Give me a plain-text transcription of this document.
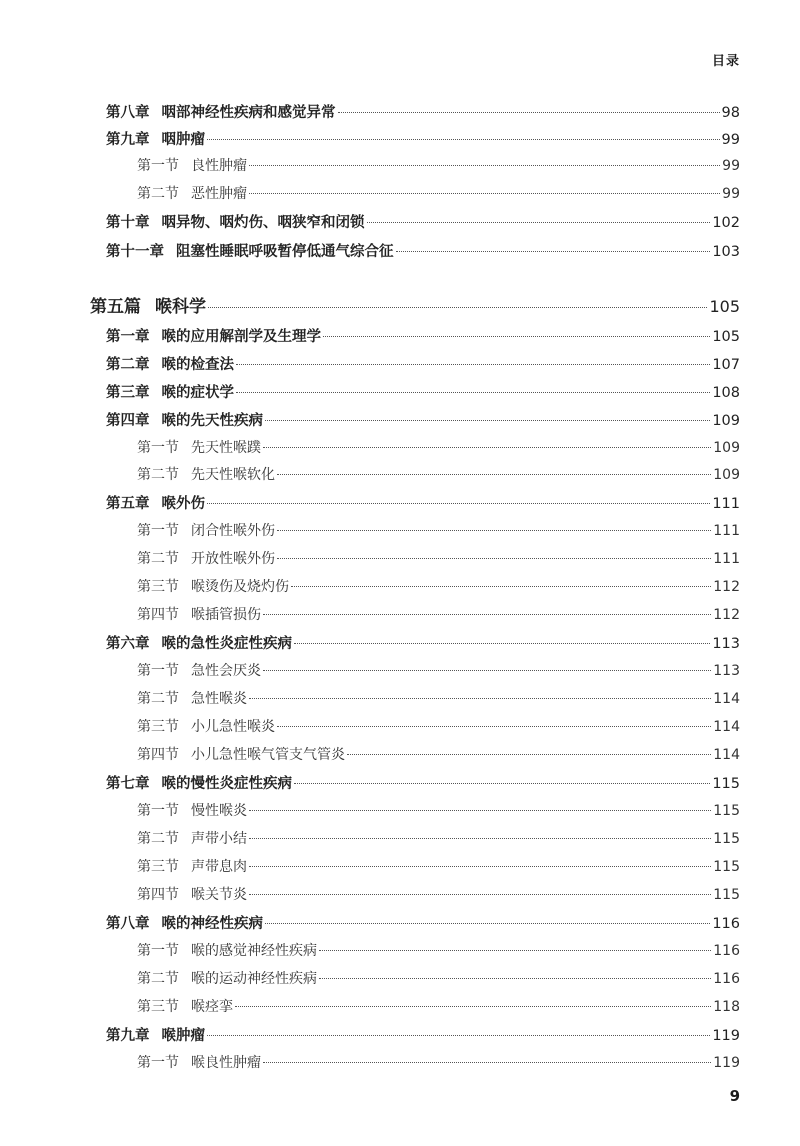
目录
第八章 咽部神经性疾病和感觉异常	98
第九章 咽肿瘤	99
第一节 良性肿瘤	99
第二节 恶性肿瘤	99
第十章 咽异物、咽灼伤、咽狭窄和闭锁	102
第十一章 阻塞性睡眠呼吸暂停低通气综合征	103
第五篇 喉科学	105
第一章 喉的应用解剖学及生理学	105
第二章 喉的检查法	107
第三章 喉的症状学	108
第四章 喉的先天性疾病	109
第一节 先天性喉蹼	109
第二节 先天性喉软化	109
第五章 喉外伤	111
第一节 闭合性喉外伤	111
第二节 开放性喉外伤	111
第三节 喉烫伤及烧灼伤	112
第四节 喉插管损伤	112
第六章 喉的急性炎症性疾病	113
第一节 急性会厌炎	113
第二节 急性喉炎	114
第三节 小儿急性喉炎	114
第四节 小儿急性喉气管支气管炎	114
第七章 喉的慢性炎症性疾病	115
第一节 慢性喉炎	115
第二节 声带小结	115
第三节 声带息肉	115
第四节 喉关节炎	115
第八章 喉的神经性疾病	116
第一节 喉的感觉神经性疾病	116
第二节 喉的运动神经性疾病	116
第三节 喉痉挛	118
第九章 喉肿瘤	119
第一节 喉良性肿瘤	119
9
